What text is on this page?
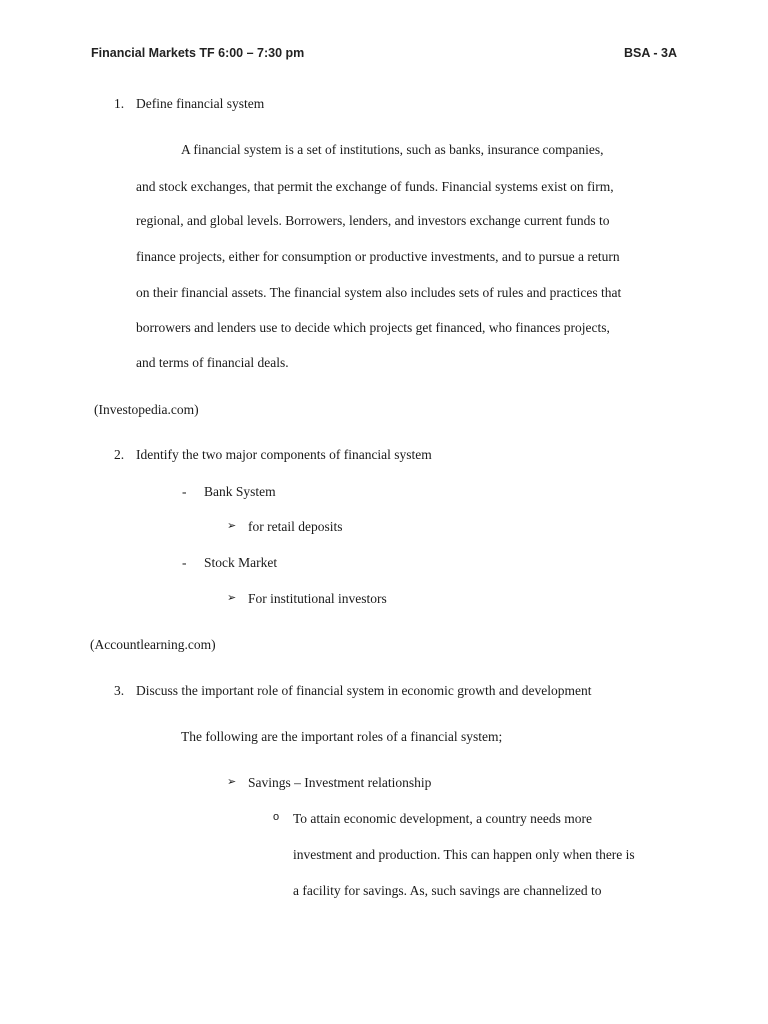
Financial Markets TF 6:00 – 7:30 pm	BSA - 3A
1. Define financial system
A financial system is a set of institutions, such as banks, insurance companies,
and stock exchanges, that permit the exchange of funds. Financial systems exist on firm,
regional, and global levels. Borrowers, lenders, and investors exchange current funds to
finance projects, either for consumption or productive investments, and to pursue a return
on their financial assets. The financial system also includes sets of rules and practices that
borrowers and lenders use to decide which projects get financed, who finances projects,
and terms of financial deals.
(Investopedia.com)
2. Identify the two major components of financial system
- Bank System
➢ for retail deposits
- Stock Market
➢ For institutional investors
(Accountlearning.com)
3. Discuss the important role of financial system in economic growth and development
The following are the important roles of a financial system;
➢ Savings – Investment relationship
o To attain economic development, a country needs more
investment and production. This can happen only when there is
a facility for savings. As, such savings are channelized to
